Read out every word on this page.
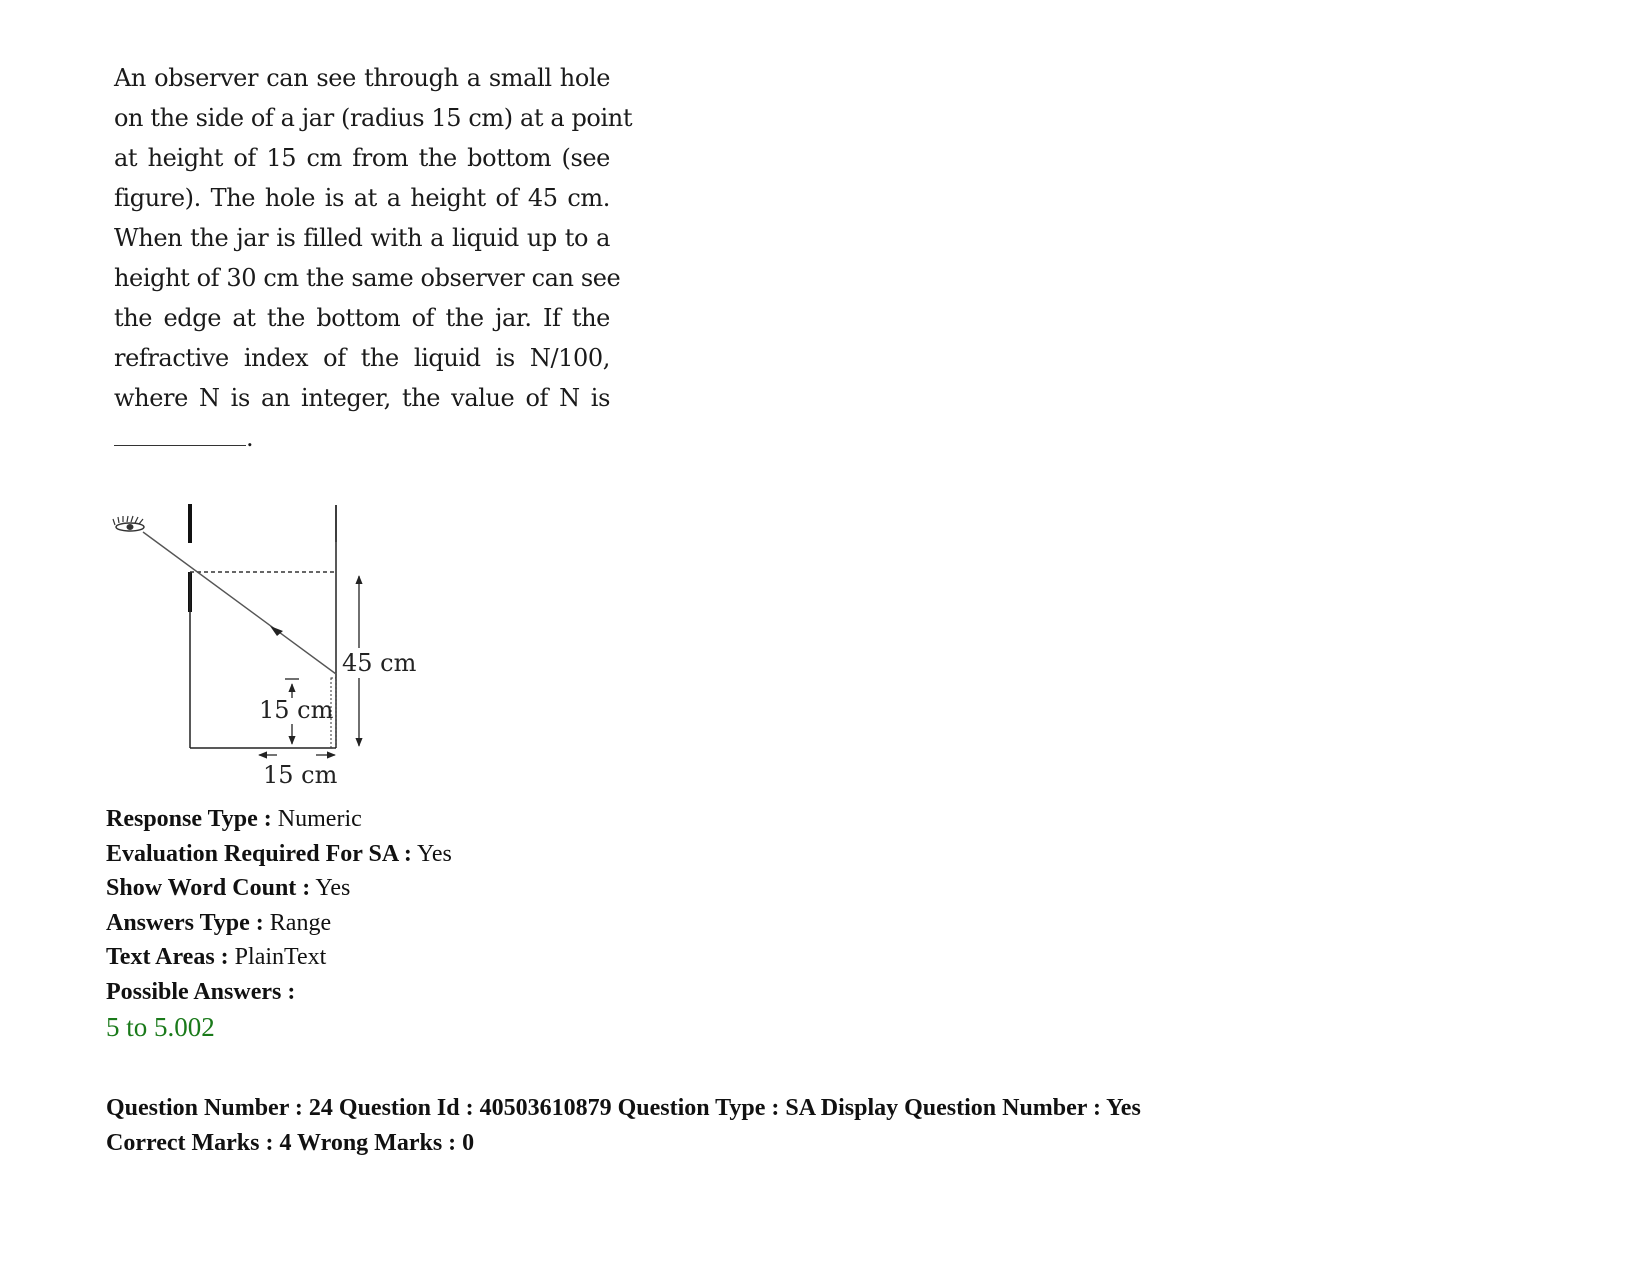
An observer can see through a small hole
on the side of a jar (radius 15 cm) at a point
at height of 15 cm from the bottom (see
figure). The hole is at a height of 45 cm.
When the jar is filled with a liquid up to a
height of 30 cm the same observer can see
the edge at the bottom of the jar. If the
refractive index of the liquid is N/100,
where N is an integer, the value of N is
.
45 cm
15 cm
15 cm
Response Type : Numeric
Evaluation Required For SA : Yes
Show Word Count : Yes
Answers Type : Range
Text Areas : PlainText
Possible Answers :
5 to 5.002
Question Number : 24 Question Id : 40503610879 Question Type : SA Display Question Number : Yes
Correct Marks : 4 Wrong Marks : 0
